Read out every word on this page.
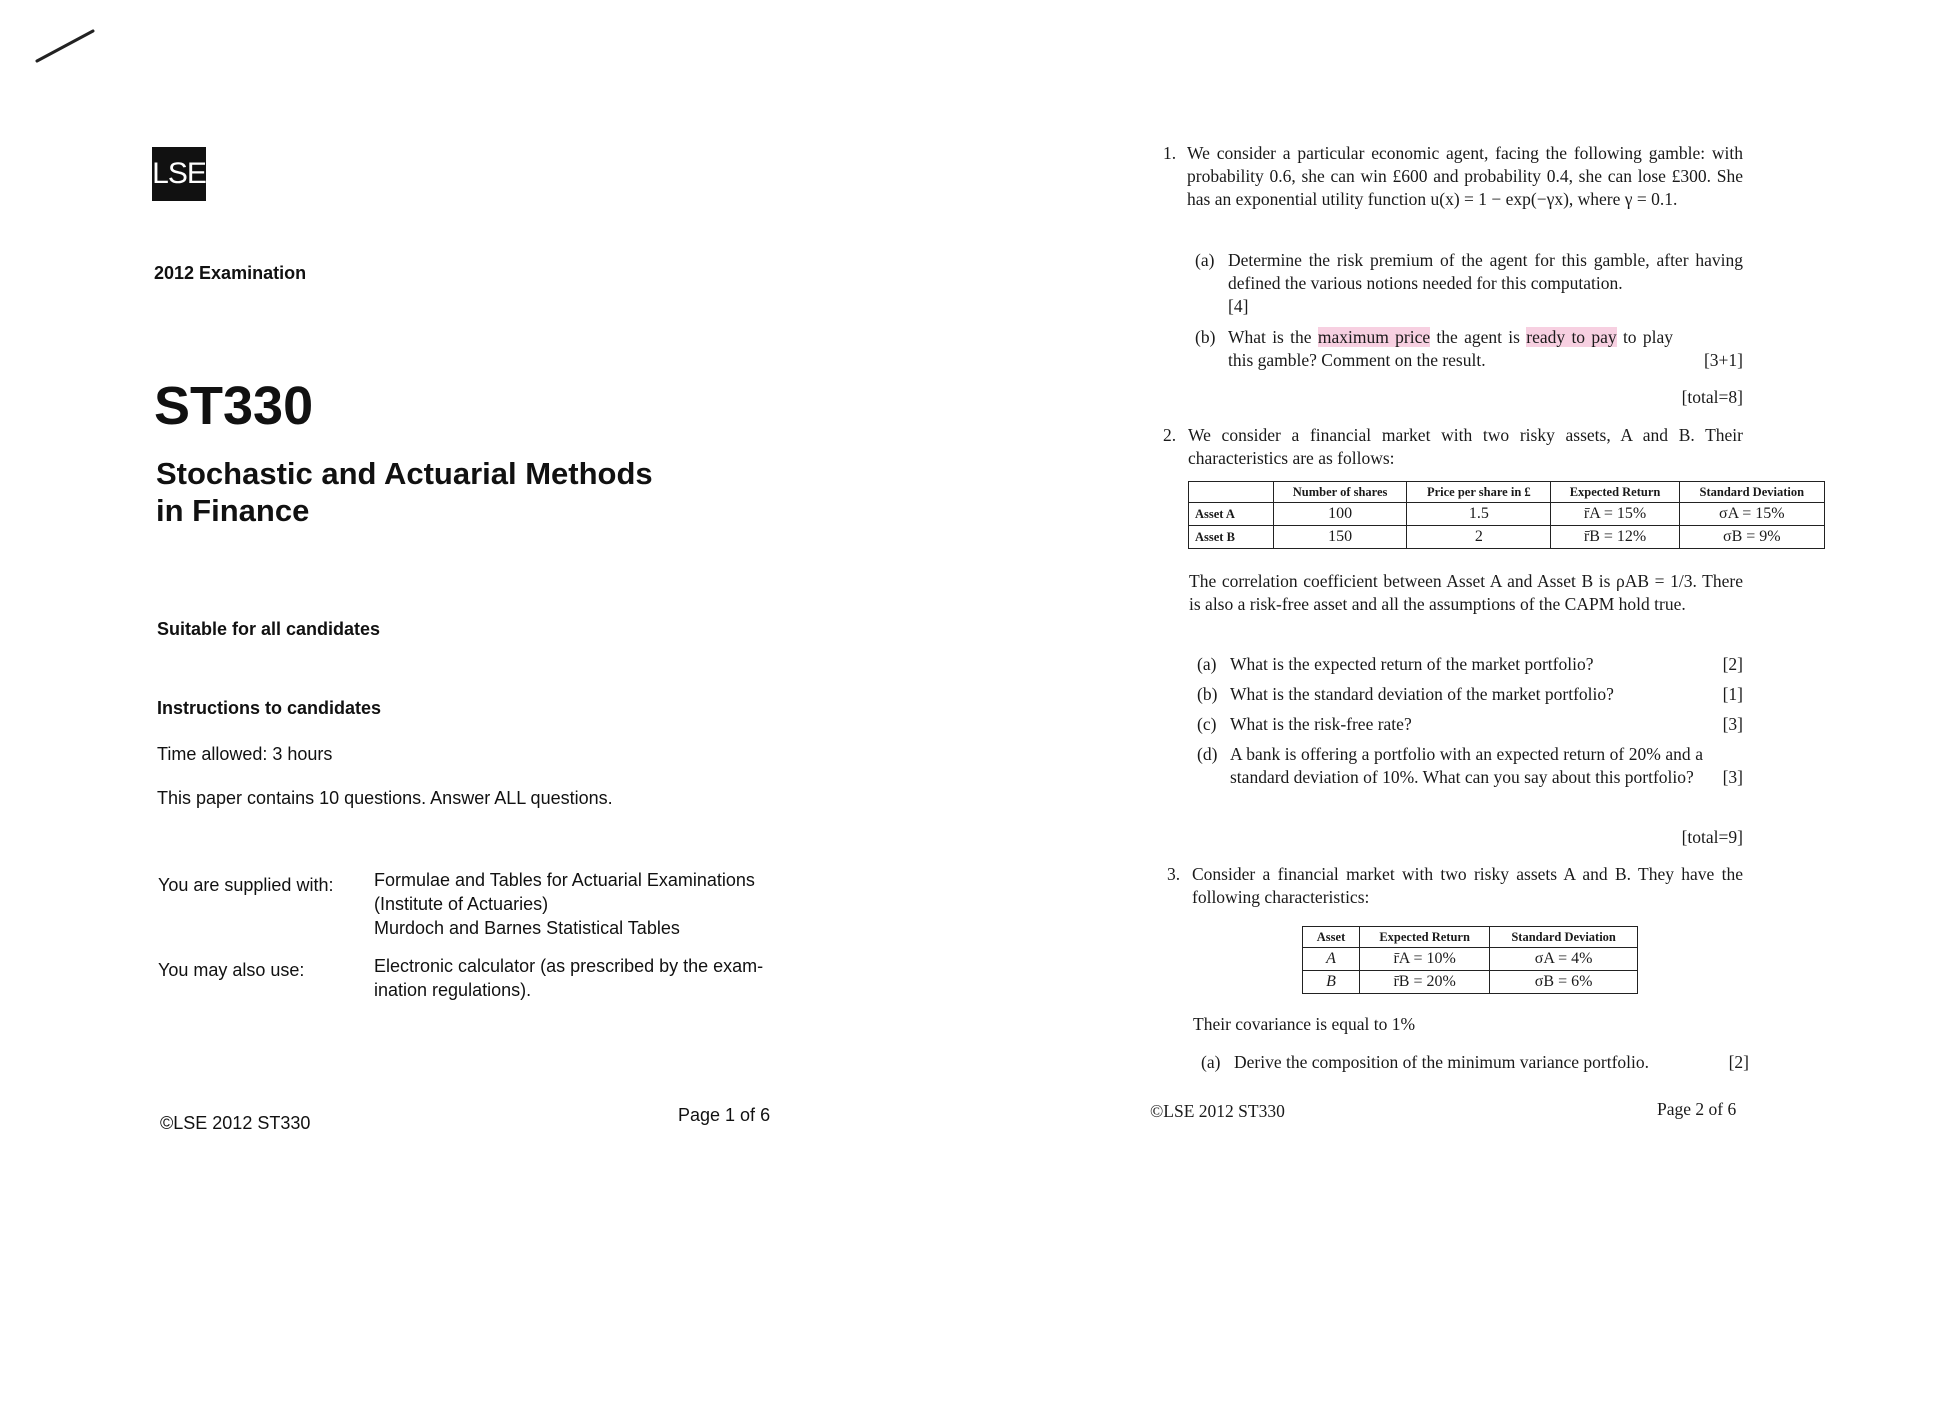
LSE
2012 Examination
ST330
Stochastic and Actuarial Methods
in Finance
Suitable for all candidates
Instructions to candidates
Time allowed: 3 hours
This paper contains 10 questions. Answer ALL questions.
You are supplied with: Formulae and Tables for Actuarial Examinations
(Institute of Actuaries)
Murdoch and Barnes Statistical Tables
You may also use:	Electronic calculator (as prescribed by the exam-
ination regulations).
©LSE 2012 ST330	Page 1 of 6
1. We consider a particular economic agent, facing the following gamble: with probability 0.6, she can win £600 and probability 0.4, she can lose £300. She has an exponential utility function u(x) = 1 − exp(−γx), where γ = 0.1.
(a) Determine the risk premium of the agent for this gamble, after having defined the various notions needed for this computation.
[4]
(b) What is the maximum price the agent is ready to pay to play this gamble? Comment on the result.	[3+1]
[total=8]
2. We consider a financial market with two risky assets, A and B. Their characteristics are as follows:
	Number of shares	Price per share in £	Expected Return	Standard Deviation
Asset A	100	1.5	r̄A = 15%	σA = 15%
Asset B	150	2	r̄B = 12%	σB = 9%
The correlation coefficient between Asset A and Asset B is ρAB = 1/3. There is also a risk-free asset and all the assumptions of the CAPM hold true.
(a) What is the expected return of the market portfolio?	[2]
(b) What is the standard deviation of the market portfolio?	[1]
(c) What is the risk-free rate?	[3]
(d) A bank is offering a portfolio with an expected return of 20% and a standard deviation of 10%. What can you say about this portfolio?	[3]
[total=9]
3. Consider a financial market with two risky assets A and B. They have the following characteristics:
Asset	Expected Return	Standard Deviation
A	r̄A = 10%	σA = 4%
B	r̄B = 20%	σB = 6%
Their covariance is equal to 1%
(a) Derive the composition of the minimum variance portfolio.	[2]
©LSE 2012 ST330	Page 2 of 6
